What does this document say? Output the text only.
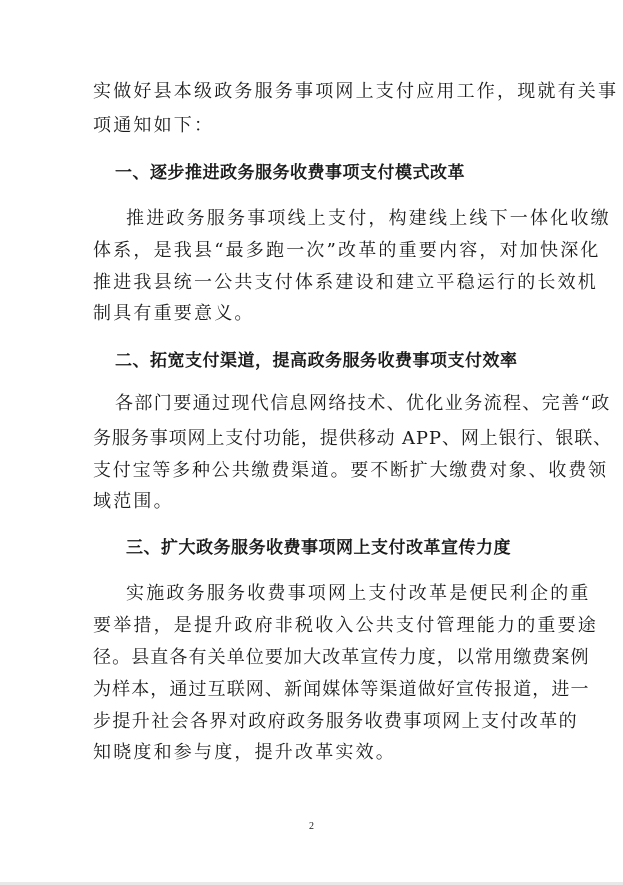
实做好县本级政务服务事项网上支付应用工作，现就有关事
项通知如下：
一、逐步推进政务服务收费事项支付模式改革
推进政务服务事项线上支付，构建线上线下一体化收缴
体系，是我县“最多跑一次”改革的重要内容，对加快深化
推进我县统一公共支付体系建设和建立平稳运行的长效机
制具有重要意义。
二、拓宽支付渠道，提高政务服务收费事项支付效率
各部门要通过现代信息网络技术、优化业务流程、完善“政
务服务事项网上支付功能，提供移动 APP、网上银行、银联、
支付宝等多种公共缴费渠道。要不断扩大缴费对象、收费领
域范围。
三、扩大政务服务收费事项网上支付改革宣传力度
实施政务服务收费事项网上支付改革是便民利企的重
要举措，是提升政府非税收入公共支付管理能力的重要途
径。县直各有关单位要加大改革宣传力度，以常用缴费案例
为样本，通过互联网、新闻媒体等渠道做好宣传报道，进一
步提升社会各界对政府政务服务收费事项网上支付改革的
知晓度和参与度，提升改革实效。
2
